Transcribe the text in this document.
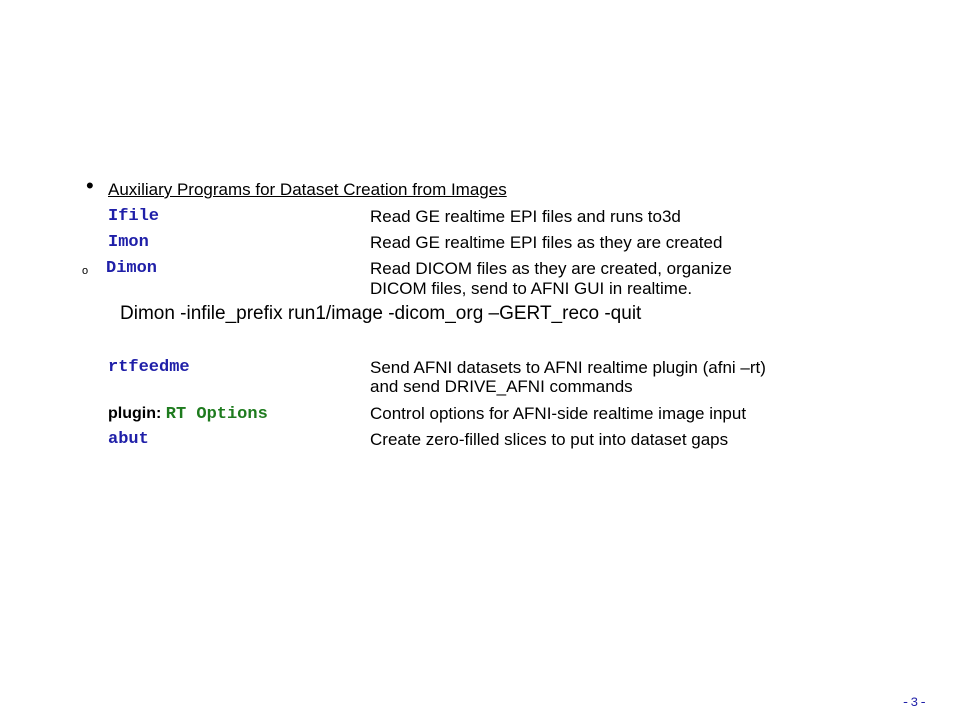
• Auxiliary Programs for Dataset Creation from Images
Ifile	Read GE realtime EPI files and runs to3d
Imon	Read GE realtime EPI files as they are created
o Dimon	Read DICOM files as they are created, organize
DICOM files, send to AFNI GUI in realtime.
Dimon -infile_prefix run1/image -dicom_org –GERT_reco -quit
rtfeedme	Send AFNI datasets to AFNI realtime plugin (afni –rt)
and send DRIVE_AFNI commands
plugin: RT Options	Control options for AFNI-side realtime image input
abut	Create zero-filled slices to put into dataset gaps
-3-
